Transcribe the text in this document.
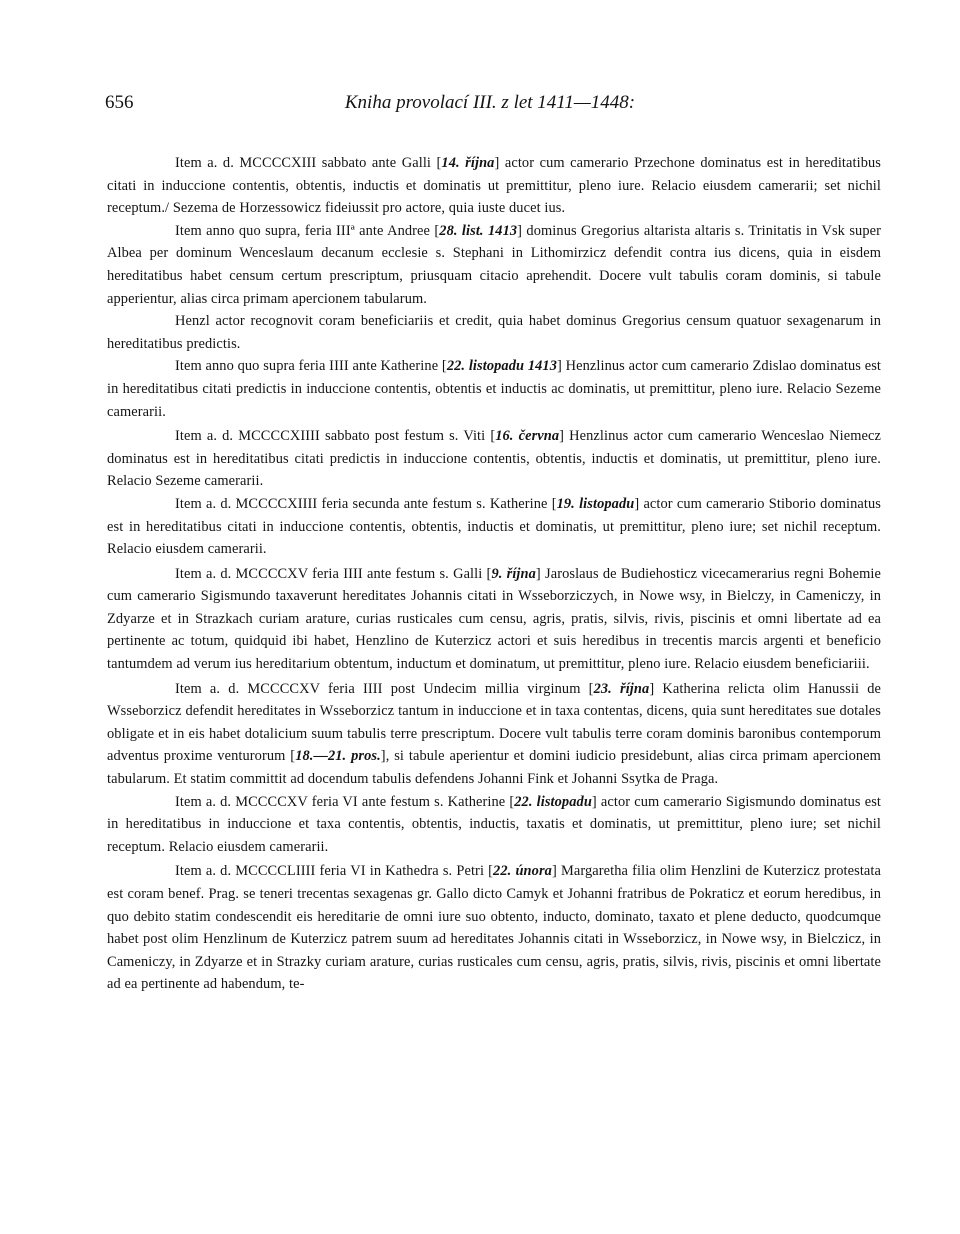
656	Kniha provolací III. z let 1411—1448:

Item a. d. MCCCCXIII sabbato ante Galli [14. října] actor cum camerario Przechone dominatus est in hereditatibus citati in induccione contentis, obtentis, inductis et dominatis ut premittitur, pleno iure. Relacio eiusdem camerarii; set nichil receptum./ Sezema de Horzessowicz fideiussit pro actore, quia iuste ducet ius.

Item anno quo supra, feria IIIª ante Andree [28. list. 1413] dominus Gregorius altarista altaris s. Trinitatis in Vsk super Albea per dominum Wenceslaum decanum ecclesie s. Stephani in Lithomirzicz defendit contra ius dicens, quia in eisdem hereditatibus habet censum certum prescriptum, priusquam citacio aprehendit. Docere vult tabulis coram dominis, si tabule apperientur, alias circa primam apercionem tabularum.

Henzl actor recognovit coram beneficiariis et credit, quia habet dominus Gregorius censum quatuor sexagenarum in hereditatibus predictis.

Item anno quo supra feria IIII ante Katherine [22. listopadu 1413] Henzlinus actor cum camerario Zdislao dominatus est in hereditatibus citati predictis in induccione contentis, obtentis et inductis ac dominatis, ut premittitur, pleno iure. Relacio Sezeme camerarii.

Item a. d. MCCCCXIIII sabbato post festum s. Viti [16. června] Henzlinus actor cum camerario Wenceslao Niemecz dominatus est in hereditatibus citati predictis in induccione contentis, obtentis, inductis et dominatis, ut premittitur, pleno iure. Relacio Sezeme camerarii.

Item a. d. MCCCCXIIII feria secunda ante festum s. Katherine [19. listopadu] actor cum camerario Stiborio dominatus est in hereditatibus citati in induccione contentis, obtentis, inductis et dominatis, ut premittitur, pleno iure; set nichil receptum. Relacio eiusdem camerarii.

Item a. d. MCCCCXV feria IIII ante festum s. Galli [9. října] Jaroslaus de Budiehosticz vicecamerarius regni Bohemie cum camerario Sigismundo taxaverunt hereditates Johannis citati in Wsseborziczych, in Nowe wsy, in Bielczy, in Cameniczy, in Zdyarze et in Strazkach curiam arature, curias rusticales cum censu, agris, pratis, silvis, rivis, piscinis et omni libertate ad ea pertinente ac totum, quidquid ibi habet, Henzlino de Kuterzicz actori et suis heredibus in trecentis marcis argenti et beneficio tantumdem ad verum ius hereditarium obtentum, inductum et dominatum, ut premittitur, pleno iure. Relacio eiusdem beneficiariii.

Item a. d. MCCCCXV feria IIII post Undecim millia virginum [23. října] Katherina relicta olim Hanussii de Wsseborzicz defendit hereditates in Wsseborzicz tantum in induccione et in taxa contentas, dicens, quia sunt hereditates sue dotales obligate et in eis habet dotalicium suum tabulis terre prescriptum. Docere vult tabulis terre coram dominis baronibus contemporum adventus proxime venturorum [18.—21. pros.], si tabule aperientur et domini iudicio presidebunt, alias circa primam apercionem tabularum. Et statim committit ad docendum tabulis defendens Johanni Fink et Johanni Ssytka de Praga.

Item a. d. MCCCCXV feria VI ante festum s. Katherine [22. listopadu] actor cum camerario Sigismundo dominatus est in hereditatibus in induccione et taxa contentis, obtentis, inductis, taxatis et dominatis, ut premittitur, pleno iure; set nichil receptum. Relacio eiusdem camerarii.

Item a. d. MCCCCLIIII feria VI in Kathedra s. Petri [22. února] Margaretha filia olim Henzlini de Kuterzicz protestata est coram benef. Prag. se teneri trecentas sexagenas gr. Gallo dicto Camyk et Johanni fratribus de Pokraticz et eorum heredibus, in quo debito statim condescendit eis hereditarie de omni iure suo obtento, inducto, dominato, taxato et plene deducto, quodcumque habet post olim Henzlinum de Kuterzicz patrem suum ad hereditates Johannis citati in Wsseborzicz, in Nowe wsy, in Bielczicz, in Cameniczy, in Zdyarze et in Strazky curiam arature, curias rusticales cum censu, agris, pratis, silvis, rivis, piscinis et omni libertate ad ea pertinente ad habendum, te-
